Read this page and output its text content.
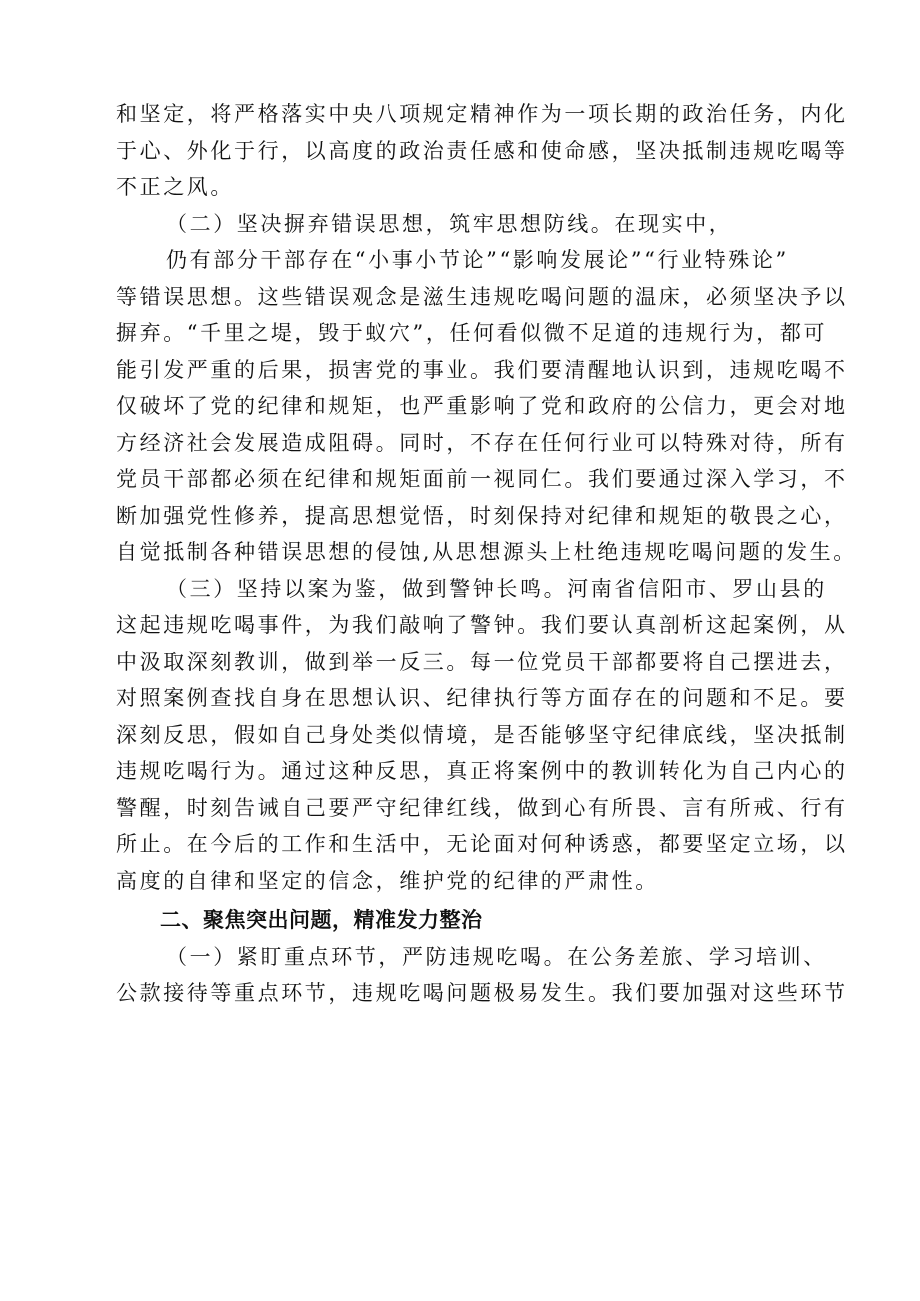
和坚定，将严格落实中央八项规定精神作为一项长期的政治任务，内化
于心、外化于行，以高度的政治责任感和使命感，坚决抵制违规吃喝等
不正之风。
（二）坚决摒弃错误思想，筑牢思想防线。在现实中，
仍有部分干部存在“小事小节论”“影响发展论”“行业特殊论”
等错误思想。这些错误观念是滋生违规吃喝问题的温床，必须坚决予以
摒弃。“千里之堤，毁于蚁穴”，任何看似微不足道的违规行为，都可
能引发严重的后果，损害党的事业。我们要清醒地认识到，违规吃喝不
仅破坏了党的纪律和规矩，也严重影响了党和政府的公信力，更会对地
方经济社会发展造成阻碍。同时，不存在任何行业可以特殊对待，所有
党员干部都必须在纪律和规矩面前一视同仁。我们要通过深入学习，不
断加强党性修养，提高思想觉悟，时刻保持对纪律和规矩的敬畏之心，
自觉抵制各种错误思想的侵蚀,从思想源头上杜绝违规吃喝问题的发生。
（三）坚持以案为鉴，做到警钟长鸣。河南省信阳市、罗山县的
这起违规吃喝事件，为我们敲响了警钟。我们要认真剖析这起案例，从
中汲取深刻教训，做到举一反三。每一位党员干部都要将自己摆进去，
对照案例查找自身在思想认识、纪律执行等方面存在的问题和不足。要
深刻反思，假如自己身处类似情境，是否能够坚守纪律底线，坚决抵制
违规吃喝行为。通过这种反思，真正将案例中的教训转化为自己内心的
警醒，时刻告诫自己要严守纪律红线，做到心有所畏、言有所戒、行有
所止。在今后的工作和生活中，无论面对何种诱惑，都要坚定立场，以
高度的自律和坚定的信念，维护党的纪律的严肃性。
二、聚焦突出问题，精准发力整治
（一）紧盯重点环节，严防违规吃喝。在公务差旅、学习培训、
公款接待等重点环节，违规吃喝问题极易发生。我们要加强对这些环节
